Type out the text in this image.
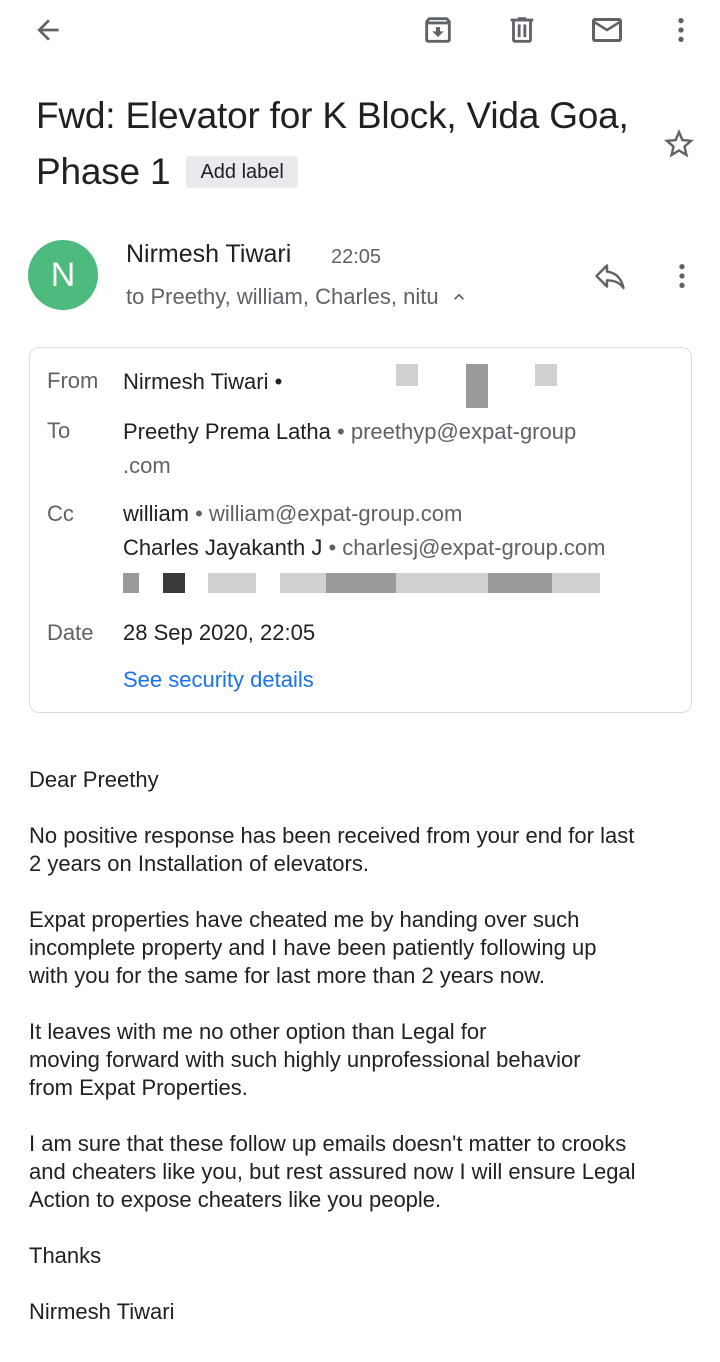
Fwd: Elevator for K Block, Vida Goa, Phase 1 Add label
N
Nirmesh Tiwari 22:05
to Preethy, william, Charles, nitu
From Nirmesh Tiwari •
To Preethy Prema Latha • preethyp@expat-group
.com
Cc william • william@expat-group.com
Charles Jayakanth J • charlesj@expat-group.com
Date 28 Sep 2020, 22:05
See security details

Dear Preethy

No positive response has been received from your end for last
2 years on Installation of elevators.

Expat properties have cheated me by handing over such
incomplete property and I have been patiently following up
with you for the same for last more than 2 years now.

It leaves with me no other option than Legal for
moving forward with such highly unprofessional behavior
from Expat Properties.

I am sure that these follow up emails doesn't matter to crooks
and cheaters like you, but rest assured now I will ensure Legal
Action to expose cheaters like you people.

Thanks

Nirmesh Tiwari
